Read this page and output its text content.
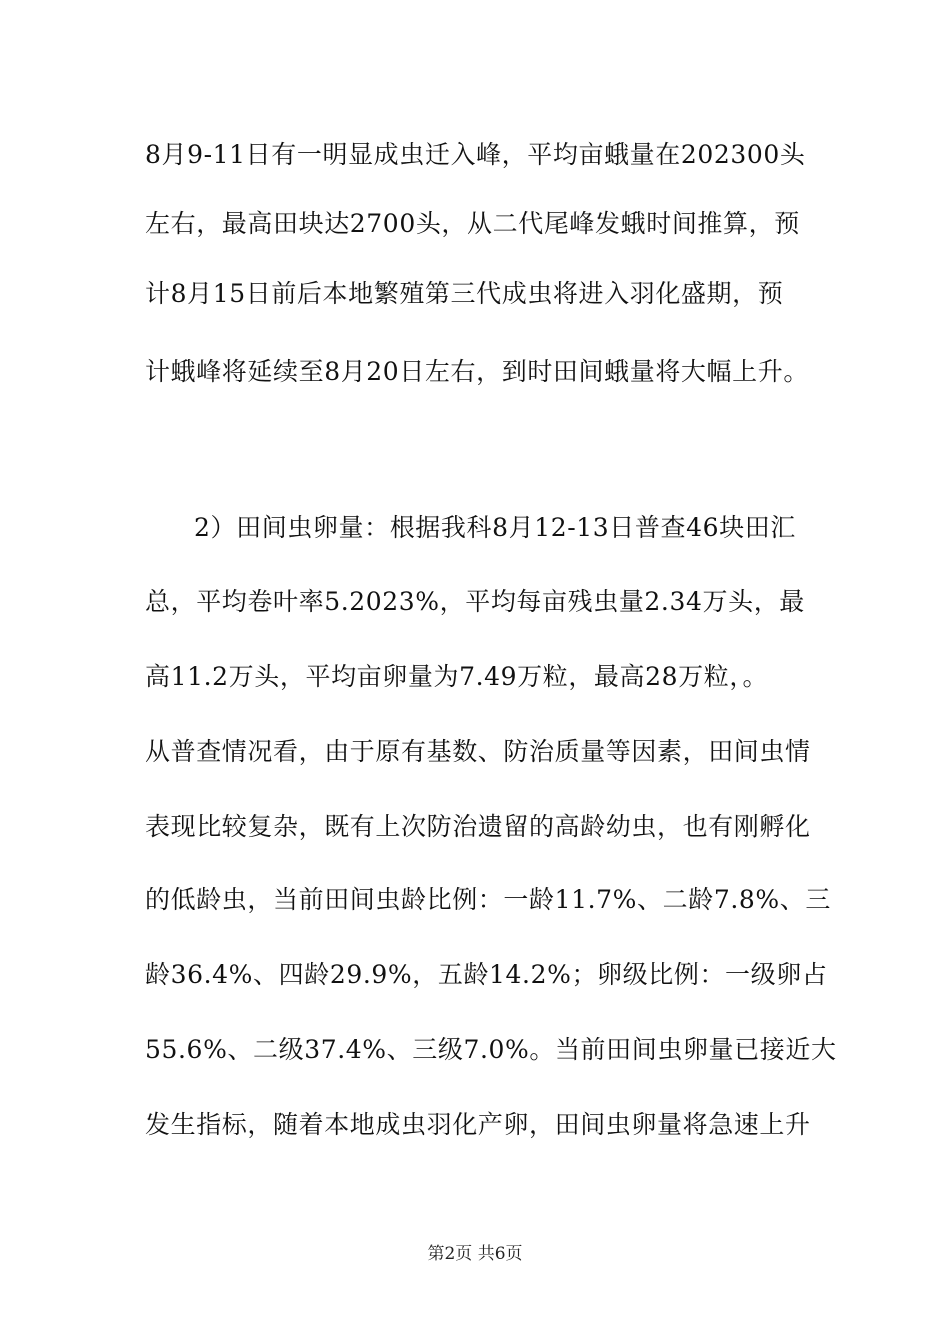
8月9-11日有一明显成虫迁入峰，平均亩蛾量在202300头
左右，最高田块达2700头，从二代尾峰发蛾时间推算，预
计8月15日前后本地繁殖第三代成虫将进入羽化盛期，预
计蛾峰将延续至8月20日左右，到时田间蛾量将大幅上升。
2）田间虫卵量：根据我科8月12-13日普查46块田汇
总，平均卷叶率5.2023%，平均每亩残虫量2.34万头，最
高11.2万头，平均亩卵量为7.49万粒，最高28万粒，。
从普查情况看，由于原有基数、防治质量等因素，田间虫情
表现比较复杂，既有上次防治遗留的高龄幼虫，也有刚孵化
的低龄虫，当前田间虫龄比例：一龄11.7%、二龄7.8%、三
龄36.4%、四龄29.9%，五龄14.2%；卵级比例：一级卵占
55.6%、二级37.4%、三级7.0%。当前田间虫卵量已接近大
发生指标，随着本地成虫羽化产卵，田间虫卵量将急速上升
第2页 共6页
